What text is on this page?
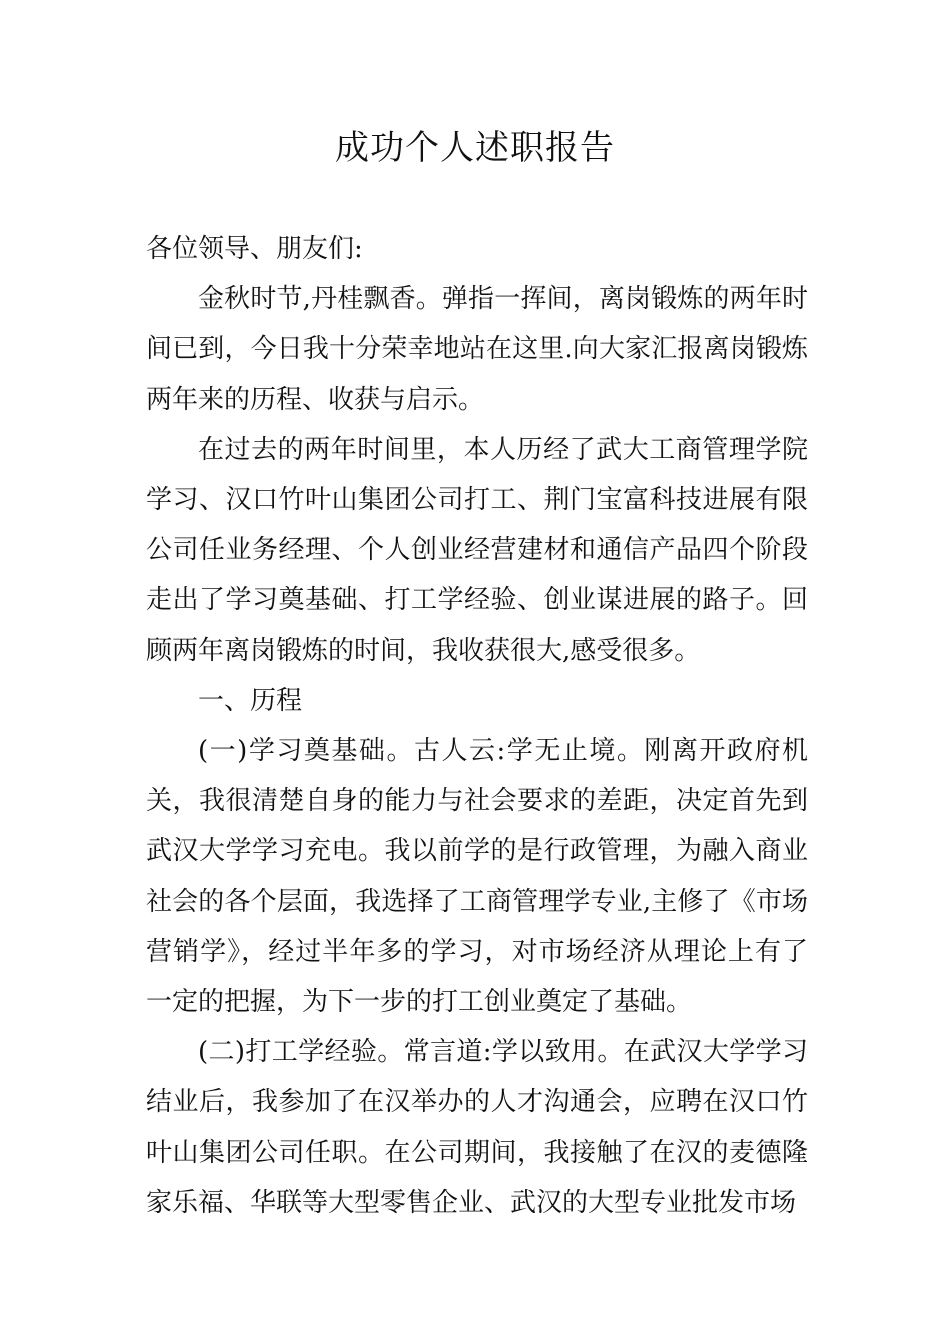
成功个人述职报告

各位领导、朋友们:

金秋时节,丹桂飘香。弹指一挥间，离岗锻炼的两年时间已到，今日我十分荣幸地站在这里.向大家汇报离岗锻炼两年来的历程、收获与启示。

在过去的两年时间里，本人历经了武大工商管理学院学习、汉口竹叶山集团公司打工、荆门宝富科技进展有限公司任业务经理、个人创业经营建材和通信产品四个阶段走出了学习奠基础、打工学经验、创业谋进展的路子。回顾两年离岗锻炼的时间，我收获很大,感受很多。

一、历程

(一)学习奠基础。古人云:学无止境。刚离开政府机关，我很清楚自身的能力与社会要求的差距，决定首先到武汉大学学习充电。我以前学的是行政管理，为融入商业社会的各个层面，我选择了工商管理学专业,主修了《市场营销学》，经过半年多的学习，对市场经济从理论上有了一定的把握，为下一步的打工创业奠定了基础。

(二)打工学经验。常言道:学以致用。在武汉大学学习结业后，我参加了在汉举办的人才沟通会，应聘在汉口竹叶山集团公司任职。在公司期间，我接触了在汉的麦德隆家乐福、华联等大型零售企业、武汉的大型专业批发市场
